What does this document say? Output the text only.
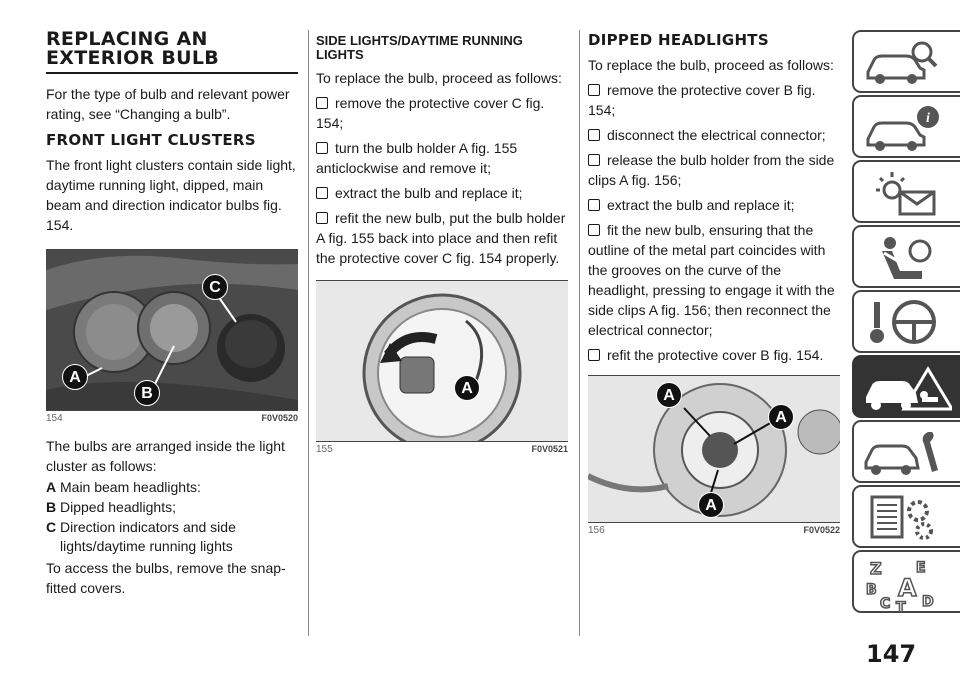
REPLACING AN
EXTERIOR BULB
For the type of bulb and relevant power rating, see “Changing a bulb”.
FRONT LIGHT CLUSTERS
The front light clusters contain side light, daytime running light, dipped, main beam and direction indicator bulbs fig. 154.
C
A
B
154	F0V0520
The bulbs are arranged inside the light cluster as follows:
A Main beam headlights:
B Dipped headlights;
C Direction indicators and side lights/daytime running lights
To access the bulbs, remove the snap-fitted covers.
SIDE LIGHTS/DAYTIME RUNNING LIGHTS
To replace the bulb, proceed as follows:
remove the protective cover C fig. 154;
turn the bulb holder A fig. 155 anticlockwise and remove it;
extract the bulb and replace it;
refit the new bulb, put the bulb holder A fig. 155 back into place and then refit the protective cover C fig. 154 properly.
A
155	F0V0521
DIPPED HEADLIGHTS
To replace the bulb, proceed as follows:
remove the protective cover B fig. 154;
disconnect the electrical connector;
release the bulb holder from the side clips A fig. 156;
extract the bulb and replace it;
fit the new bulb, ensuring that the outline of the metal part coincides with the grooves on the curve of the headlight, pressing to engage it with the side clips A fig. 156; then reconnect the electrical connector;
refit the protective cover B fig. 154.
A
A
A
156	F0V0522
i
Z E
B A
C T D
147
